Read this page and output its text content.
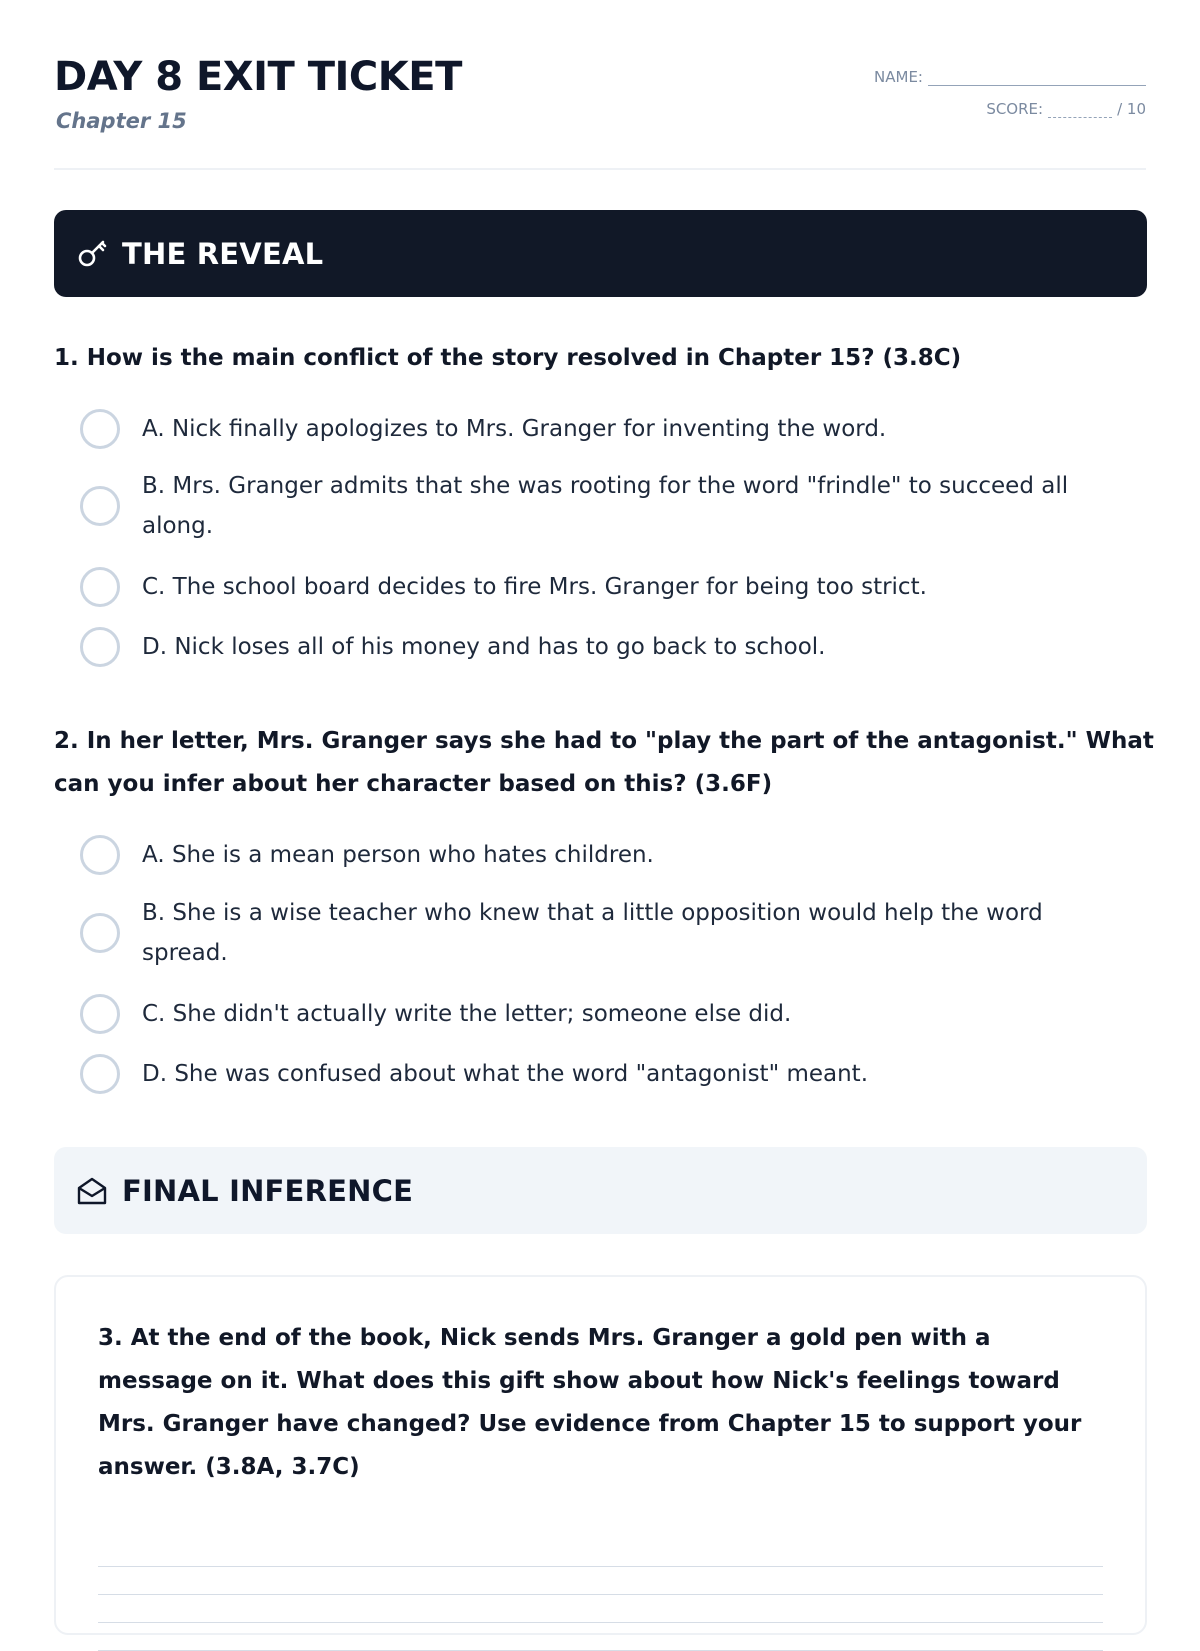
DAY 8 EXIT TICKET
Chapter 15
NAME:
SCORE:	/ 10
THE REVEAL
1. How is the main conflict of the story resolved in Chapter 15? (3.8C)
A. Nick finally apologizes to Mrs. Granger for inventing the word.
B. Mrs. Granger admits that she was rooting for the word "frindle" to succeed all along.
C. The school board decides to fire Mrs. Granger for being too strict.
D. Nick loses all of his money and has to go back to school.
2. In her letter, Mrs. Granger says she had to "play the part of the antagonist." What can you infer about her character based on this? (3.6F)
A. She is a mean person who hates children.
B. She is a wise teacher who knew that a little opposition would help the word spread.
C. She didn't actually write the letter; someone else did.
D. She was confused about what the word "antagonist" meant.
FINAL INFERENCE
3. At the end of the book, Nick sends Mrs. Granger a gold pen with a message on it. What does this gift show about how Nick's feelings toward Mrs. Granger have changed? Use evidence from Chapter 15 to support your answer. (3.8A, 3.7C)
